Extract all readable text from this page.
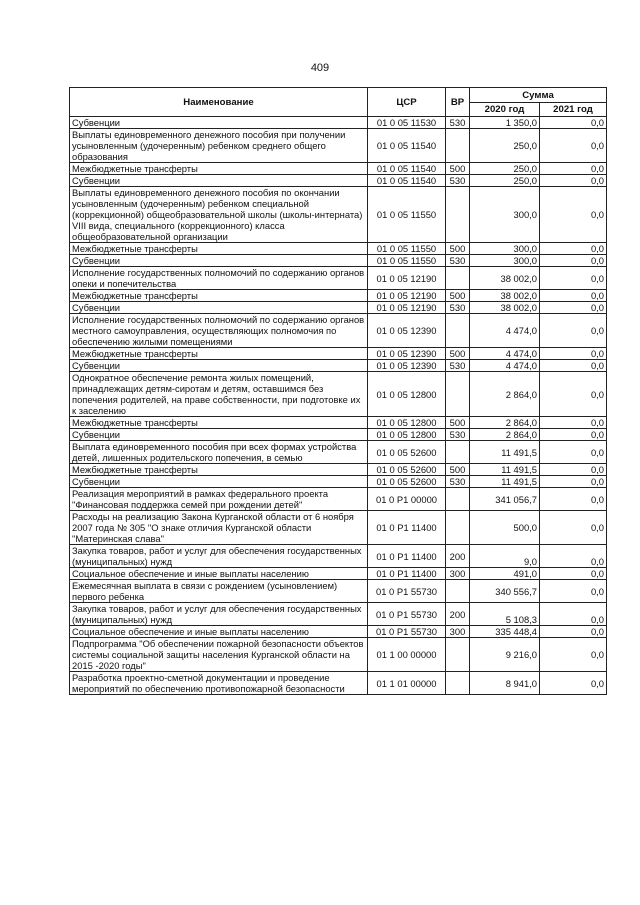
409
Наименование	ЦСР	ВР	Сумма	
			2020 год	2021 год
Субвенции	01 0 05 11530	530	1 350,0	0,0
Выплаты единовременного денежного пособия при получении усыновленным (удочеренным) ребенком среднего общего образования	01 0 05 11540		250,0	0,0
Межбюджетные трансферты	01 0 05 11540	500	250,0	0,0
Субвенции	01 0 05 11540	530	250,0	0,0
Выплаты единовременного денежного пособия по окончании усыновленным (удочеренным) ребенком специальной (коррекционной) общеобразовательной школы (школы-интерната) VIII вида, специального (коррекционного) класса общеобразовательной организации	01 0 05 11550		300,0	0,0
Межбюджетные трансферты	01 0 05 11550	500	300,0	0,0
Субвенции	01 0 05 11550	530	300,0	0,0
Исполнение государственных полномочий по содержанию органов опеки и попечительства	01 0 05 12190		38 002,0	0,0
Межбюджетные трансферты	01 0 05 12190	500	38 002,0	0,0
Субвенции	01 0 05 12190	530	38 002,0	0,0
Исполнение государственных полномочий по содержанию органов местного самоуправления, осуществляющих полномочия по обеспечению жилыми помещениями	01 0 05 12390		4 474,0	0,0
Межбюджетные трансферты	01 0 05 12390	500	4 474,0	0,0
Субвенции	01 0 05 12390	530	4 474,0	0,0
Однократное обеспечение ремонта жилых помещений, принадлежащих детям-сиротам и детям, оставшимся без попечения родителей, на праве собственности, при подготовке их к заселению	01 0 05 12800		2 864,0	0,0
Межбюджетные трансферты	01 0 05 12800	500	2 864,0	0,0
Субвенции	01 0 05 12800	530	2 864,0	0,0
Выплата единовременного пособия при всех формах устройства детей, лишенных родительского попечения, в семью	01 0 05 52600		11 491,5	0,0
Межбюджетные трансферты	01 0 05 52600	500	11 491,5	0,0
Субвенции	01 0 05 52600	530	11 491,5	0,0
Реализация мероприятий в рамках федерального проекта "Финансовая поддержка семей при рождении детей"	01 0 P1 00000		341 056,7	0,0
Расходы на реализацию Закона Курганской области от 6 ноября 2007 года № 305 "О знаке отличия Курганской области "Материнская слава"	01 0 P1 11400		500,0	0,0
Закупка товаров, работ и услуг для обеспечения государственных (муниципальных) нужд	01 0 P1 11400	200	9,0	0,0
Социальное обеспечение и иные выплаты населению	01 0 P1 11400	300	491,0	0,0
Ежемесячная выплата в связи с рождением (усыновлением) первого ребенка	01 0 P1 55730		340 556,7	0,0
Закупка товаров, работ и услуг для обеспечения государственных (муниципальных) нужд	01 0 P1 55730	200	5 108,3	0,0
Социальное обеспечение и иные выплаты населению	01 0 P1 55730	300	335 448,4	0,0
Подпрограмма "Об обеспечении пожарной безопасности объектов системы социальной защиты населения Курганской области на 2015 -2020 годы"	01 1 00 00000		9 216,0	0,0
Разработка проектно-сметной документации и проведение мероприятий по обеспечению противопожарной безопасности	01 1 01 00000		8 941,0	0,0
